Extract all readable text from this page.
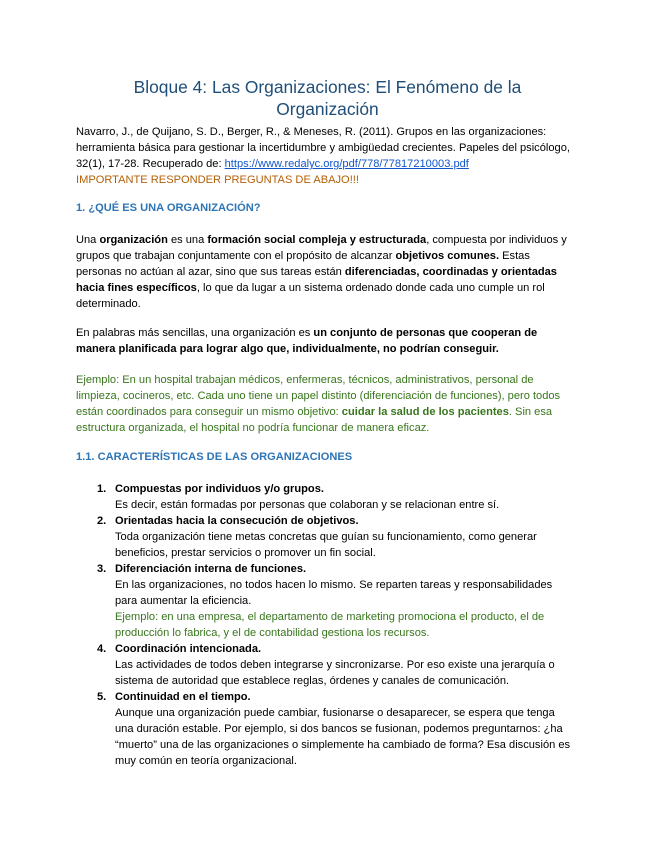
Bloque 4: Las Organizaciones: El Fenómeno de la Organización
Navarro, J., de Quijano, S. D., Berger, R., & Meneses, R. (2011). Grupos en las organizaciones: herramienta básica para gestionar la incertidumbre y ambigüedad crecientes. Papeles del psicólogo, 32(1), 17-28. Recuperado de: https://www.redalyc.org/pdf/778/77817210003.pdf
IMPORTANTE RESPONDER PREGUNTAS DE ABAJO!!!
1. ¿QUÉ ES UNA ORGANIZACIÓN?
Una organización es una formación social compleja y estructurada, compuesta por individuos y grupos que trabajan conjuntamente con el propósito de alcanzar objetivos comunes. Estas personas no actúan al azar, sino que sus tareas están diferenciadas, coordinadas y orientadas hacia fines específicos, lo que da lugar a un sistema ordenado donde cada uno cumple un rol determinado.
En palabras más sencillas, una organización es un conjunto de personas que cooperan de manera planificada para lograr algo que, individualmente, no podrían conseguir.
Ejemplo: En un hospital trabajan médicos, enfermeras, técnicos, administrativos, personal de limpieza, cocineros, etc. Cada uno tiene un papel distinto (diferenciación de funciones), pero todos están coordinados para conseguir un mismo objetivo: cuidar la salud de los pacientes. Sin esa estructura organizada, el hospital no podría funcionar de manera eficaz.
1.1. CARACTERÍSTICAS DE LAS ORGANIZACIONES
1. Compuestas por individuos y/o grupos.
Es decir, están formadas por personas que colaboran y se relacionan entre sí.
2. Orientadas hacia la consecución de objetivos.
Toda organización tiene metas concretas que guían su funcionamiento, como generar beneficios, prestar servicios o promover un fin social.
3. Diferenciación interna de funciones.
En las organizaciones, no todos hacen lo mismo. Se reparten tareas y responsabilidades para aumentar la eficiencia.
Ejemplo: en una empresa, el departamento de marketing promociona el producto, el de producción lo fabrica, y el de contabilidad gestiona los recursos.
4. Coordinación intencionada.
Las actividades de todos deben integrarse y sincronizarse. Por eso existe una jerarquía o sistema de autoridad que establece reglas, órdenes y canales de comunicación.
5. Continuidad en el tiempo.
Aunque una organización puede cambiar, fusionarse o desaparecer, se espera que tenga una duración estable. Por ejemplo, si dos bancos se fusionan, podemos preguntarnos: ¿ha “muerto” una de las organizaciones o simplemente ha cambiado de forma? Esa discusión es muy común en teoría organizacional.
